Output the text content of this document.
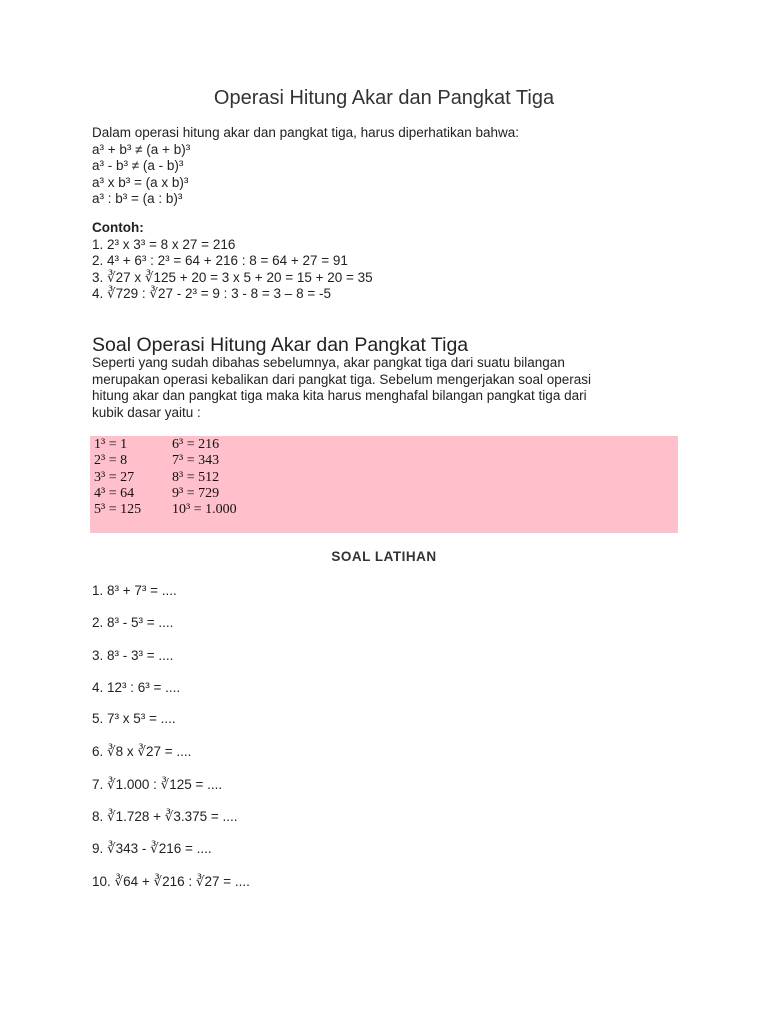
Operasi Hitung Akar dan Pangkat Tiga
Dalam operasi hitung akar dan pangkat tiga, harus diperhatikan bahwa:
a³ + b³ ≠ (a + b)³
a³ - b³ ≠ (a - b)³
a³ x b³ = (a x b)³
a³ : b³ = (a : b)³
Contoh:
1. 2³ x 3³ = 8 x 27 = 216
2. 4³ + 6³ : 2³ = 64 + 216 : 8 = 64 + 27 = 91
3. ∛27 x ∛125 + 20 = 3 x 5 + 20 = 15 + 20 = 35
4. ∛729 : ∛27 - 2³ = 9 : 3 - 8 = 3 – 8 = -5
Soal Operasi Hitung Akar dan Pangkat Tiga
Seperti yang sudah dibahas sebelumnya, akar pangkat tiga dari suatu bilangan
merupakan operasi kebalikan dari pangkat tiga. Sebelum mengerjakan soal operasi
hitung akar dan pangkat tiga maka kita harus menghafal bilangan pangkat tiga dari
kubik dasar yaitu :
1³ = 1	6³ = 216
2³ = 8	7³ = 343
3³ = 27	8³ = 512
4³ = 64	9³ = 729
5³ = 125 10³ = 1.000
SOAL LATIHAN
1. 8³ + 7³ = ....
2. 8³ - 5³ = ....
3. 8³ - 3³ = ....
4. 12³ : 6³ = ....
5. 7³ x 5³ = ....
6. ∛8 x ∛27 = ....
7. ∛1.000 : ∛125 = ....
8. ∛1.728 + ∛3.375 = ....
9. ∛343 - ∛216 = ....
10. ∛64 + ∛216 : ∛27 = ....
